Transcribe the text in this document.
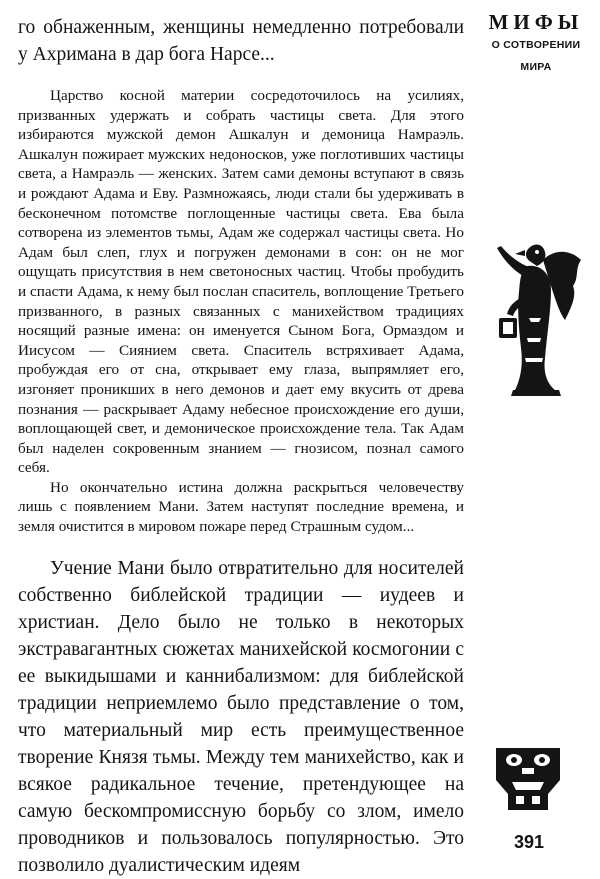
го обнаженным, женщины немедленно потребовали у Ахримана в дар бога Нарсе...

Царство косной материи сосредоточилось на усилиях, призванных удержать и собрать частицы света. Для этого избираются мужской демон Ашкалун и демоница Намраэль. Ашкалун пожирает мужских недоносков, уже поглотивших частицы света, а Намраэль — женских. Затем сами демоны вступают в связь и рождают Адама и Еву. Размножаясь, люди стали бы удерживать в бесконечном потомстве поглощенные частицы света. Ева была сотворена из элементов тьмы, Адам же содержал частицы света. Но Адам был слеп, глух и погружен демонами в сон: он не мог ощущать присутствия в нем светоносных частиц. Чтобы пробудить и спасти Адама, к нему был послан спаситель, воплощение Третьего призванного, в разных связанных с манихейством традициях носящий разные имена: он именуется Сыном Бога, Ормаздом и Иисусом — Сиянием света. Спаситель встряхивает Адама, пробуждая его от сна, открывает ему глаза, выпрямляет его, изгоняет проникших в него демонов и дает ему вкусить от древа познания — раскрывает Адаму небесное происхождение его души, воплощающей свет, и демоническое происхождение тела. Так Адам был наделен сокровенным знанием — гнозисом, познал самого себя.

Но окончательно истина должна раскрыться человечеству лишь с появлением Мани. Затем наступят последние времена, и земля очистится в мировом пожаре перед Страшным судом...

Учение Мани было отвратительно для носителей собственно библейской традиции — иудеев и христиан. Дело было не только в некоторых экстравагантных сюжетах манихейской космогонии с ее выкидышами и каннибализмом: для библейской традиции неприемлемо было представление о том, что материальный мир есть преимущественное творение Князя тьмы. Между тем манихейство, как и всякое радикальное течение, претендующее на самую бескомпромиссную борьбу со злом, имело проводников и пользовалось популярностью. Это позволило дуалистическим идеям

МИФЫ
О СОТВОРЕНИИ
МИРА
391
